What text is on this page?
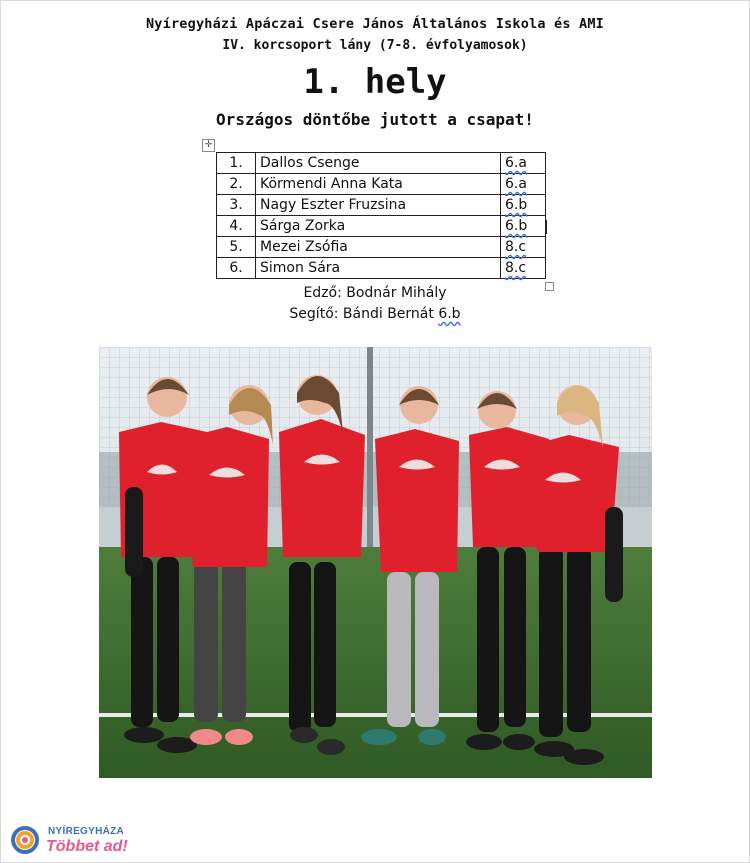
Nyíregyházi Apáczai Csere János Általános Iskola és AMI
IV. korcsoport lány (7-8. évfolyamosok)
1. hely
Országos döntőbe jutott a csapat!
✛
1.	Dallos Csenge	6.a
2.	Körmendi Anna Kata	6.a
3.	Nagy Eszter Fruzsina	6.b
4.	Sárga Zorka	6.b
5.	Mezei Zsófia	8.c
6.	Simon Sára	8.c
Edző: Bodnár Mihály
Segítő: Bándi Bernát 6.b
NYÍREGYHÁZA
Többet ad!
